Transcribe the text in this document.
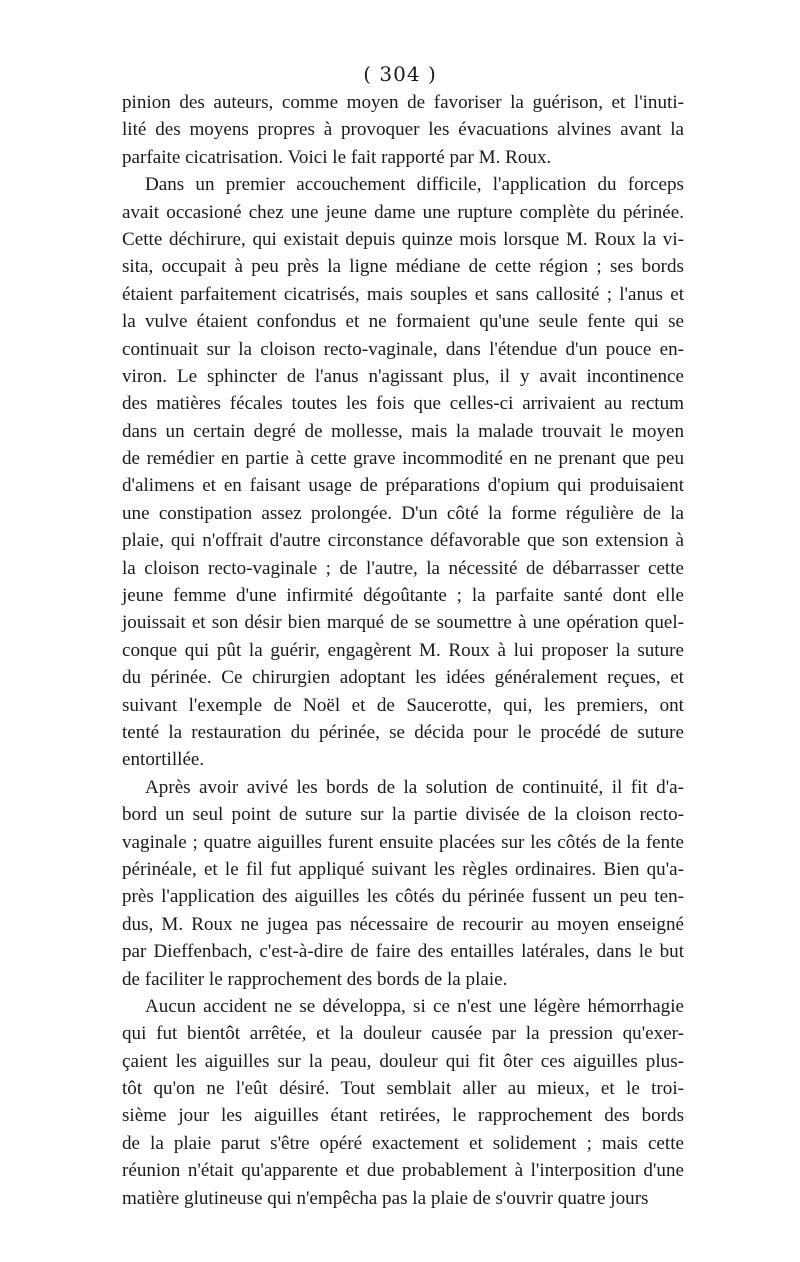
( 304 )
pinion des auteurs, comme moyen de favoriser la guérison, et l'inuti-
lité des moyens propres à provoquer les évacuations alvines avant la
parfaite cicatrisation. Voici le fait rapporté par M. Roux.
Dans un premier accouchement difficile, l'application du forceps
avait occasioné chez une jeune dame une rupture complète du périnée.
Cette déchirure, qui existait depuis quinze mois lorsque M. Roux la vi-
sita, occupait à peu près la ligne médiane de cette région ; ses bords
étaient parfaitement cicatrisés, mais souples et sans callosité ; l'anus et
la vulve étaient confondus et ne formaient qu'une seule fente qui se
continuait sur la cloison recto-vaginale, dans l'étendue d'un pouce en-
viron. Le sphincter de l'anus n'agissant plus, il y avait incontinence
des matières fécales toutes les fois que celles-ci arrivaient au rectum
dans un certain degré de mollesse, mais la malade trouvait le moyen
de remédier en partie à cette grave incommodité en ne prenant que peu
d'alimens et en faisant usage de préparations d'opium qui produisaient
une constipation assez prolongée. D'un côté la forme régulière de la
plaie, qui n'offrait d'autre circonstance défavorable que son extension à
la cloison recto-vaginale ; de l'autre, la nécessité de débarrasser cette
jeune femme d'une infirmité dégoûtante ; la parfaite santé dont elle
jouissait et son désir bien marqué de se soumettre à une opération quel-
conque qui pût la guérir, engagèrent M. Roux à lui proposer la suture
du périnée. Ce chirurgien adoptant les idées généralement reçues, et
suivant l'exemple de Noël et de Saucerotte, qui, les premiers, ont
tenté la restauration du périnée, se décida pour le procédé de suture
entortillée.
Après avoir avivé les bords de la solution de continuité, il fit d'a-
bord un seul point de suture sur la partie divisée de la cloison recto-
vaginale ; quatre aiguilles furent ensuite placées sur les côtés de la fente
périnéale, et le fil fut appliqué suivant les règles ordinaires. Bien qu'a-
près l'application des aiguilles les côtés du périnée fussent un peu ten-
dus, M. Roux ne jugea pas nécessaire de recourir au moyen enseigné
par Dieffenbach, c'est-à-dire de faire des entailles latérales, dans le but
de faciliter le rapprochement des bords de la plaie.
Aucun accident ne se développa, si ce n'est une légère hémorrhagie
qui fut bientôt arrêtée, et la douleur causée par la pression qu'exer-
çaient les aiguilles sur la peau, douleur qui fit ôter ces aiguilles plus-
tôt qu'on ne l'eût désiré. Tout semblait aller au mieux, et le troi-
sième jour les aiguilles étant retirées, le rapprochement des bords
de la plaie parut s'être opéré exactement et solidement ; mais cette
réunion n'était qu'apparente et due probablement à l'interposition d'une
matière glutineuse qui n'empêcha pas la plaie de s'ouvrir quatre jours
